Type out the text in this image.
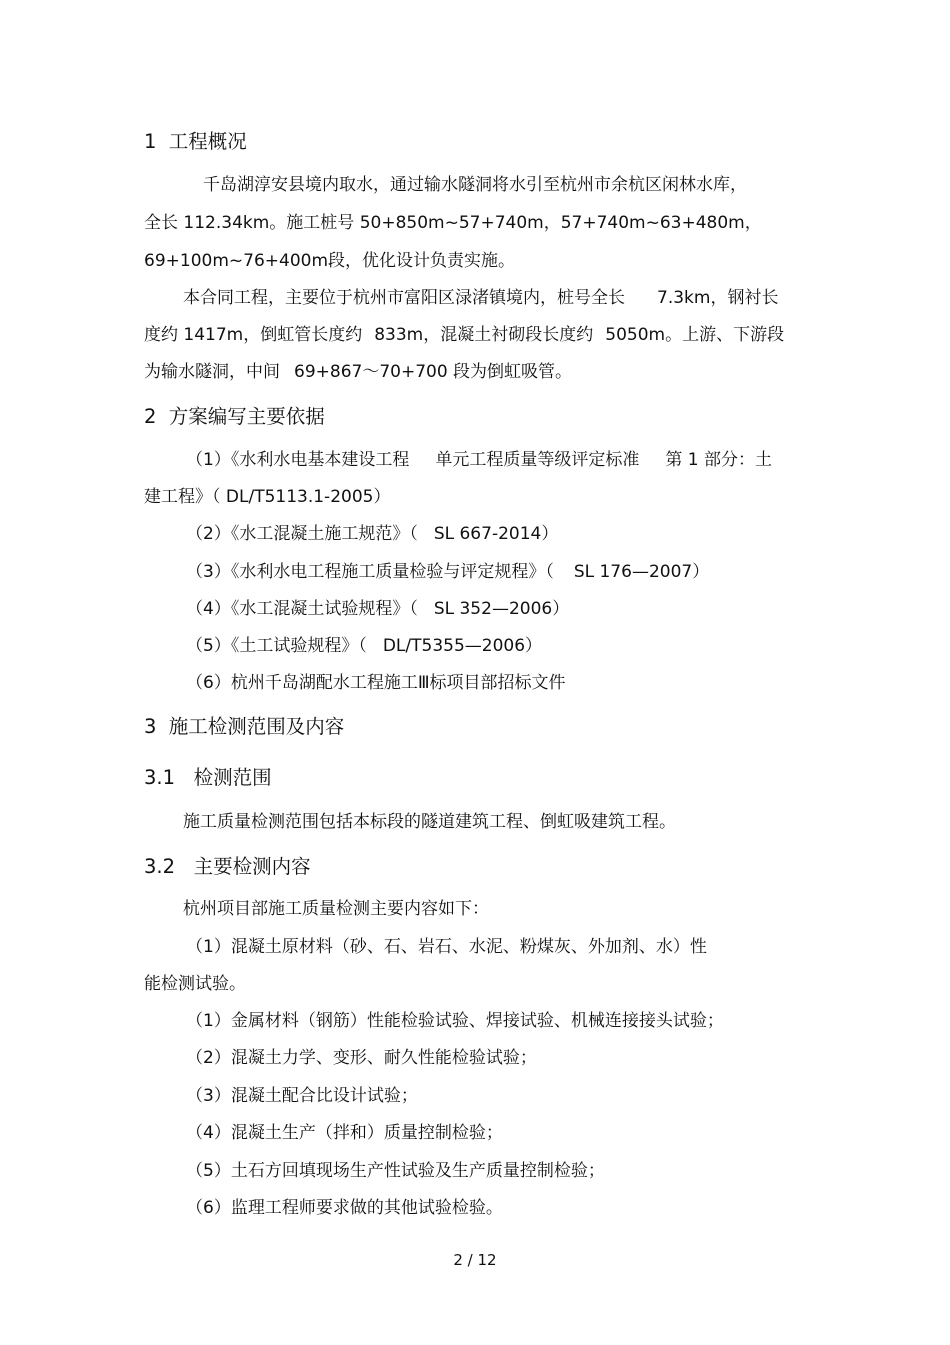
1  工程概况
千岛湖淳安县境内取水，通过输水隧洞将水引至杭州市余杭区闲林水库，
全长 112.34km。施工桩号 50+850m~57+740m，57+740m~63+480m，
69+100m~76+400m段，优化设计负责实施。
本合同工程，主要位于杭州市富阳区渌渚镇境内，桩号全长 7.3km，钢衬长
度约 1417m，倒虹管长度约 833m，混凝土衬砌段长度约 5050m。上游、下游段
为输水隧洞，中间 69+867～70+700 段为倒虹吸管。
2  方案编写主要依据
（1）《水利水电基本建设工程 单元工程质量等级评定标准 第 1 部分：土
建工程》（ DL/T5113.1-2005）
（2）《水工混凝土施工规范》（ SL 667-2014）
（3）《水利水电工程施工质量检验与评定规程》（ SL 176—2007）
（4）《水工混凝土试验规程》（ SL 352—2006）
（5）《土工试验规程》（ DL/T5355—2006）
（6）杭州千岛湖配水工程施工Ⅲ标项目部招标文件
3  施工检测范围及内容
3.1   检测范围
施工质量检测范围包括本标段的隧道建筑工程、倒虹吸建筑工程。
3.2   主要检测内容
杭州项目部施工质量检测主要内容如下：
（1）混凝土原材料（砂、石、岩石、水泥、粉煤灰、外加剂、水）性
能检测试验。
（1）金属材料（钢筋）性能检验试验、焊接试验、机械连接接头试验；
（2）混凝土力学、变形、耐久性能检验试验；
（3）混凝土配合比设计试验；
（4）混凝土生产（拌和）质量控制检验；
（5）土石方回填现场生产性试验及生产质量控制检验；
（6）监理工程师要求做的其他试验检验。
2 / 12
